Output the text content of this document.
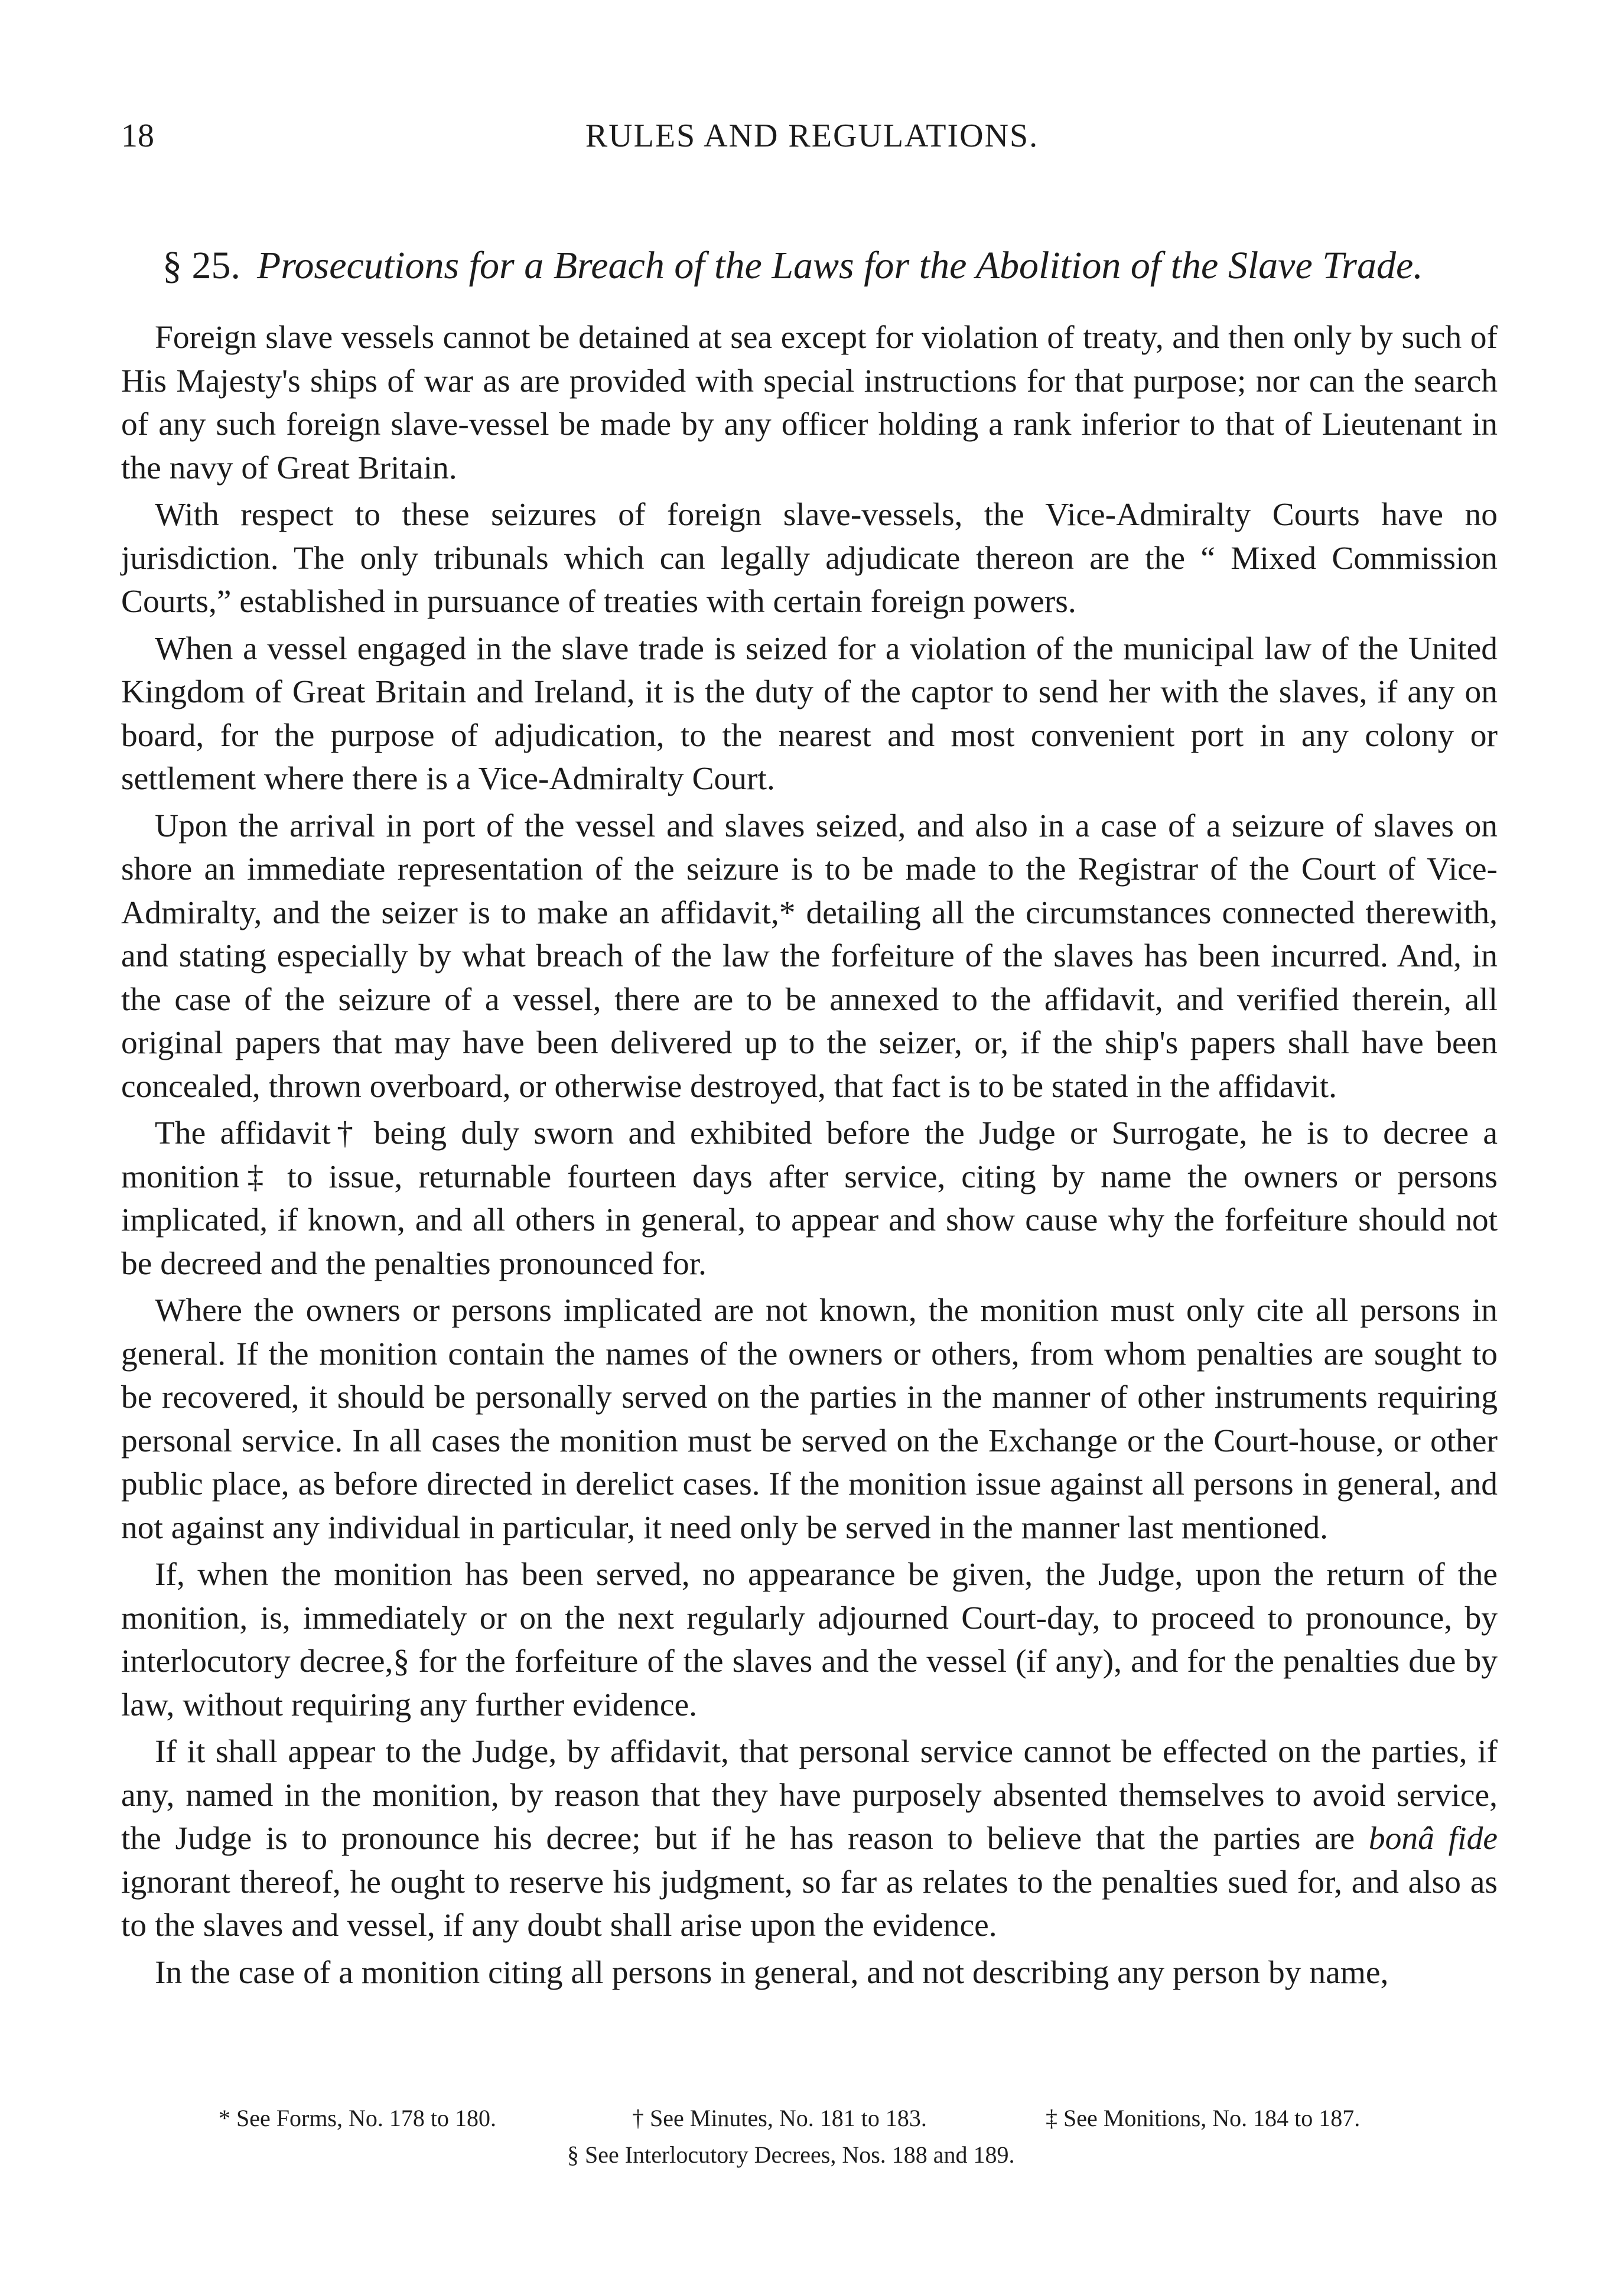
18	RULES AND REGULATIONS.
§ 25. Prosecutions for a Breach of the Laws for the Abolition of the Slave Trade.

Foreign slave vessels cannot be detained at sea except for violation of treaty, and then only by such of His Majesty's ships of war as are provided with special instructions for that purpose; nor can the search of any such foreign slave-vessel be made by any officer holding a rank inferior to that of Lieutenant in the navy of Great Britain.

With respect to these seizures of foreign slave-vessels, the Vice-Admiralty Courts have no jurisdiction. The only tribunals which can legally adjudicate thereon are the “ Mixed Commission Courts,” established in pursuance of treaties with certain foreign powers.

When a vessel engaged in the slave trade is seized for a violation of the municipal law of the United Kingdom of Great Britain and Ireland, it is the duty of the captor to send her with the slaves, if any on board, for the purpose of adjudication, to the nearest and most convenient port in any colony or settlement where there is a Vice-Admiralty Court.

Upon the arrival in port of the vessel and slaves seized, and also in a case of a seizure of slaves on shore an immediate representation of the seizure is to be made to the Registrar of the Court of Vice-Admiralty, and the seizer is to make an affidavit,* detailing all the circumstances connected therewith, and stating especially by what breach of the law the forfeiture of the slaves has been incurred. And, in the case of the seizure of a vessel, there are to be annexed to the affidavit, and verified therein, all original papers that may have been delivered up to the seizer, or, if the ship's papers shall have been concealed, thrown overboard, or otherwise destroyed, that fact is to be stated in the affidavit.

The affidavit† being duly sworn and exhibited before the Judge or Surrogate, he is to decree a monition‡ to issue, returnable fourteen days after service, citing by name the owners or persons implicated, if known, and all others in general, to appear and show cause why the forfeiture should not be decreed and the penalties pronounced for.

Where the owners or persons implicated are not known, the monition must only cite all persons in general. If the monition contain the names of the owners or others, from whom penalties are sought to be recovered, it should be personally served on the parties in the manner of other instruments requiring personal service. In all cases the monition must be served on the Exchange or the Court-house, or other public place, as before directed in derelict cases. If the monition issue against all persons in general, and not against any individual in particular, it need only be served in the manner last mentioned.

If, when the monition has been served, no appearance be given, the Judge, upon the return of the monition, is, immediately or on the next regularly adjourned Court-day, to proceed to pronounce, by interlocutory decree,§ for the forfeiture of the slaves and the vessel (if any), and for the penalties due by law, without requiring any further evidence.

If it shall appear to the Judge, by affidavit, that personal service cannot be effected on the parties, if any, named in the monition, by reason that they have purposely absented themselves to avoid service, the Judge is to pronounce his decree; but if he has reason to believe that the parties are bonâ fide ignorant thereof, he ought to reserve his judgment, so far as relates to the penalties sued for, and also as to the slaves and vessel, if any doubt shall arise upon the evidence.

In the case of a monition citing all persons in general, and not describing any person by name,

* See Forms, No. 178 to 180.	† See Minutes, No. 181 to 183.	‡ See Monitions, No. 184 to 187.
§ See Interlocutory Decrees, Nos. 188 and 189.
